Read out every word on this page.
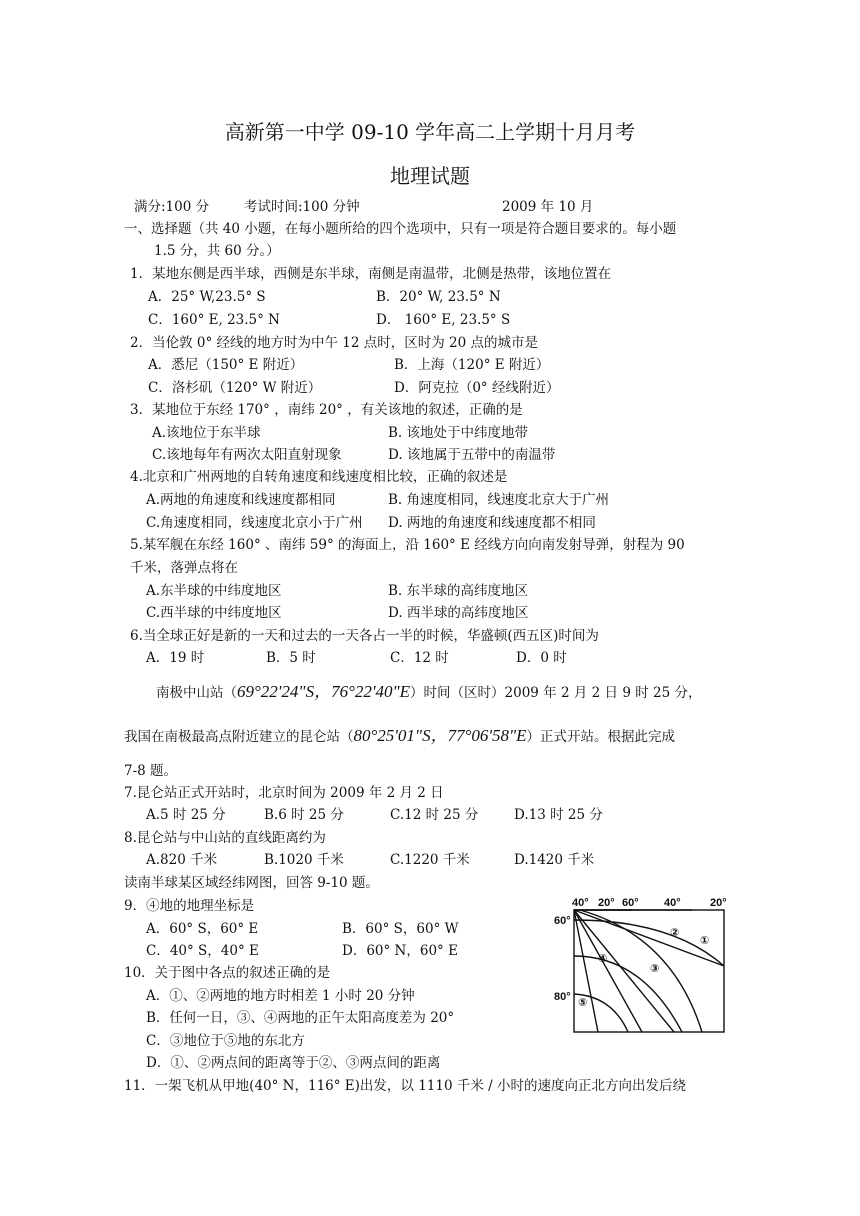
高新第一中学 09-10 学年高二上学期十月月考
地理试题
满分:100 分	考试时间:100 分钟	2009 年 10 月
一、选择题（共 40 小题，在每小题所给的四个选项中，只有一项是符合题目要求的。每小题
1.5 分，共 60 分。）
1．某地东侧是西半球，西侧是东半球，南侧是南温带，北侧是热带，该地位置在
A．25° W,23.5° S	B．20° W, 23.5° N
C．160° E, 23.5° N	D． 160° E, 23.5° S
2．当伦敦 0° 经线的地方时为中午 12 点时，区时为 20 点的城市是
A．悉尼（150° E 附近）	B．上海（120° E 附近）
C．洛杉矶（120° W 附近）	D．阿克拉（0° 经线附近）
3．某地位于东经 170° ，南纬 20° ，有关该地的叙述，正确的是
A.该地位于东半球	B. 该地处于中纬度地带
C.该地每年有两次太阳直射现象	D. 该地属于五带中的南温带
4.北京和广州两地的自转角速度和线速度相比较，正确的叙述是
A.两地的角速度和线速度都相同	B. 角速度相同，线速度北京大于广州
C.角速度相同，线速度北京小于广州 D. 两地的角速度和线速度都不相同
5.某军舰在东经 160° 、南纬 59° 的海面上，沿 160° E 经线方向向南发射导弹，射程为 90
千米，落弹点将在
A.东半球的中纬度地区	B. 东半球的高纬度地区
C.西半球的中纬度地区	D. 西半球的高纬度地区
6.当全球正好是新的一天和过去的一天各占一半的时候，华盛顿(西五区)时间为
A．19 时	B．5 时	C．12 时	D．0 时
南极中山站（69°22'24"S，76°22'40"E）时间（区时）2009 年 2 月 2 日 9 时 25 分，
我国在南极最高点附近建立的昆仑站（80°25'01"S，77°06'58"E）正式开站。根据此完成
7-8 题。
7.昆仑站正式开站时，北京时间为 2009 年 2 月 2 日
A.5 时 25 分	B.6 时 25 分	C.12 时 25 分	D.13 时 25 分
8.昆仑站与中山站的直线距离约为
A.820 千米	B.1020 千米	C.1220 千米	D.1420 千米
读南半球某区域经纬网图，回答 9-10 题。
9．④地的地理坐标是
A．60° S，60° E	B．60° S，60° W
C．40° S，40° E	D．60° N，60° E
10．关于图中各点的叙述正确的是
A．①、②两地的地方时相差 1 小时 20 分钟
B．任何一日，③、④两地的正午太阳高度差为 20°
C．③地位于⑤地的东北方
D．①、②两点间的距离等于②、③两点间的距离
11．一架飞机从甲地(40° N，116° E)出发，以 1110 千米 / 小时的速度向正北方向出发后绕
40° 20° 60° 40°	20°
60°
80°
①
②
③
④
⑤
